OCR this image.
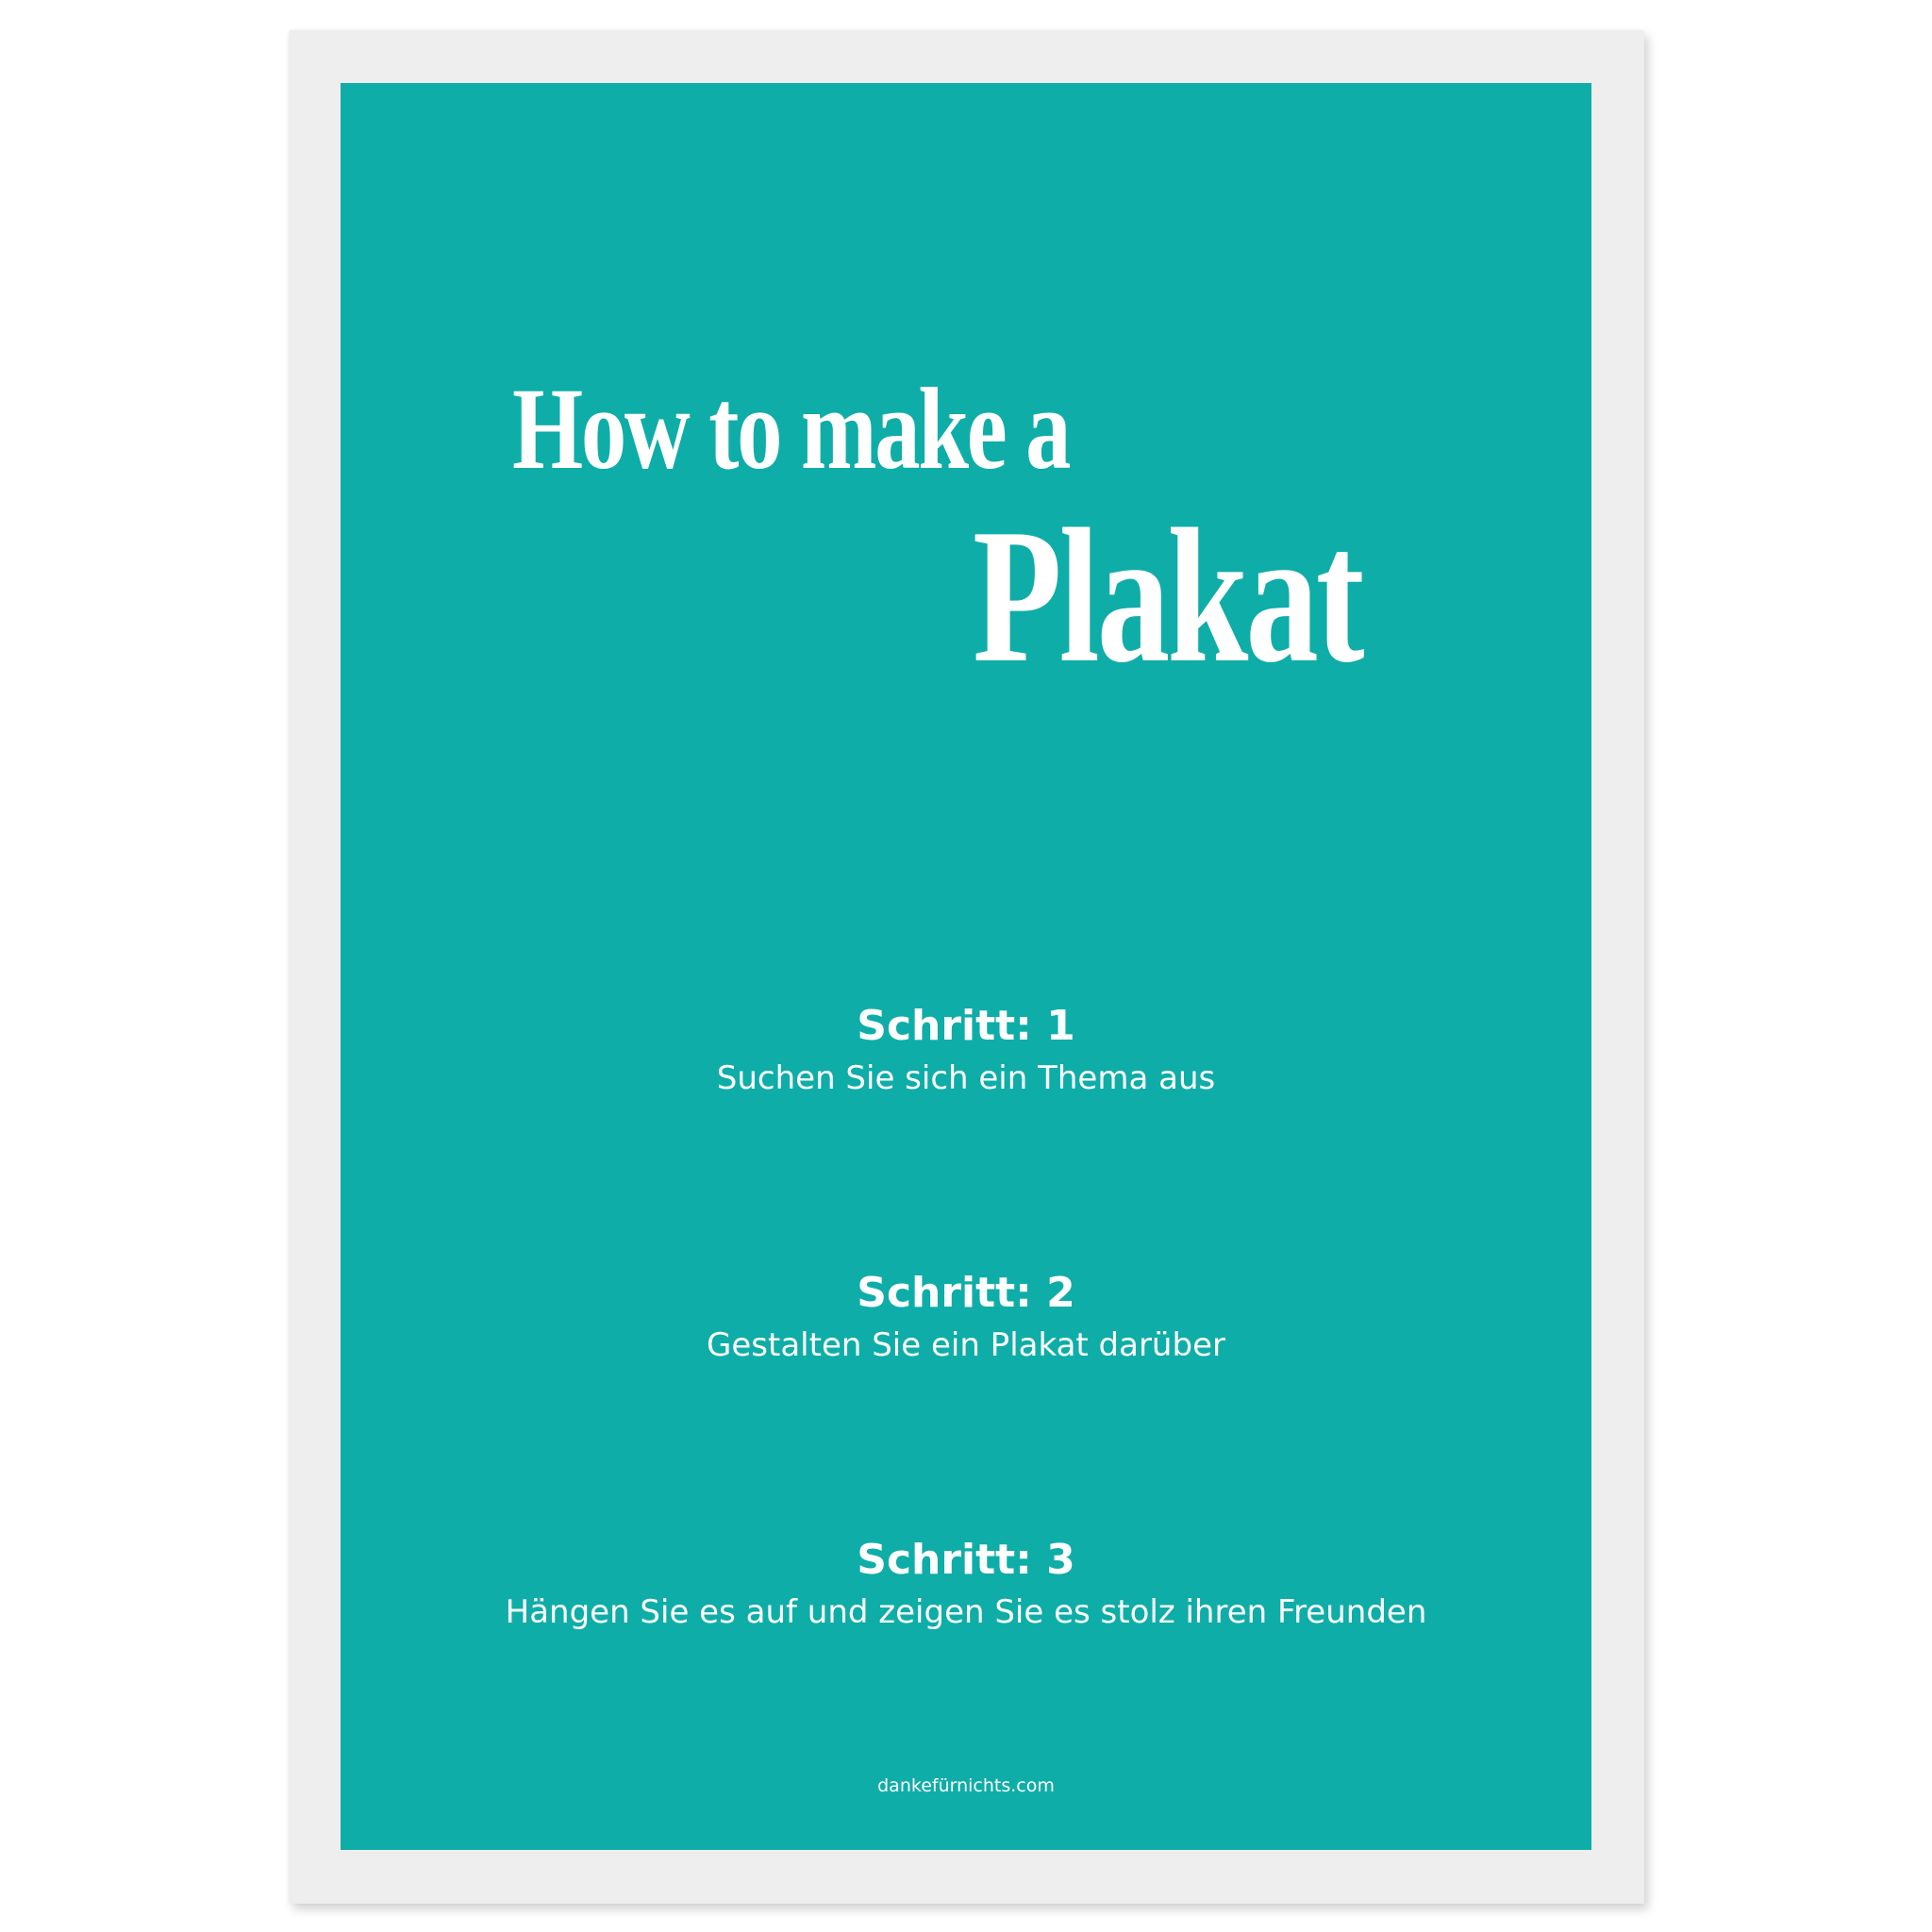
How to make a
Plakat
Schritt: 1
Suchen Sie sich ein Thema aus
Schritt: 2
Gestalten Sie ein Plakat darüber
Schritt: 3
Hängen Sie es auf und zeigen Sie es stolz ihren Freunden
dankefürnichts.com
